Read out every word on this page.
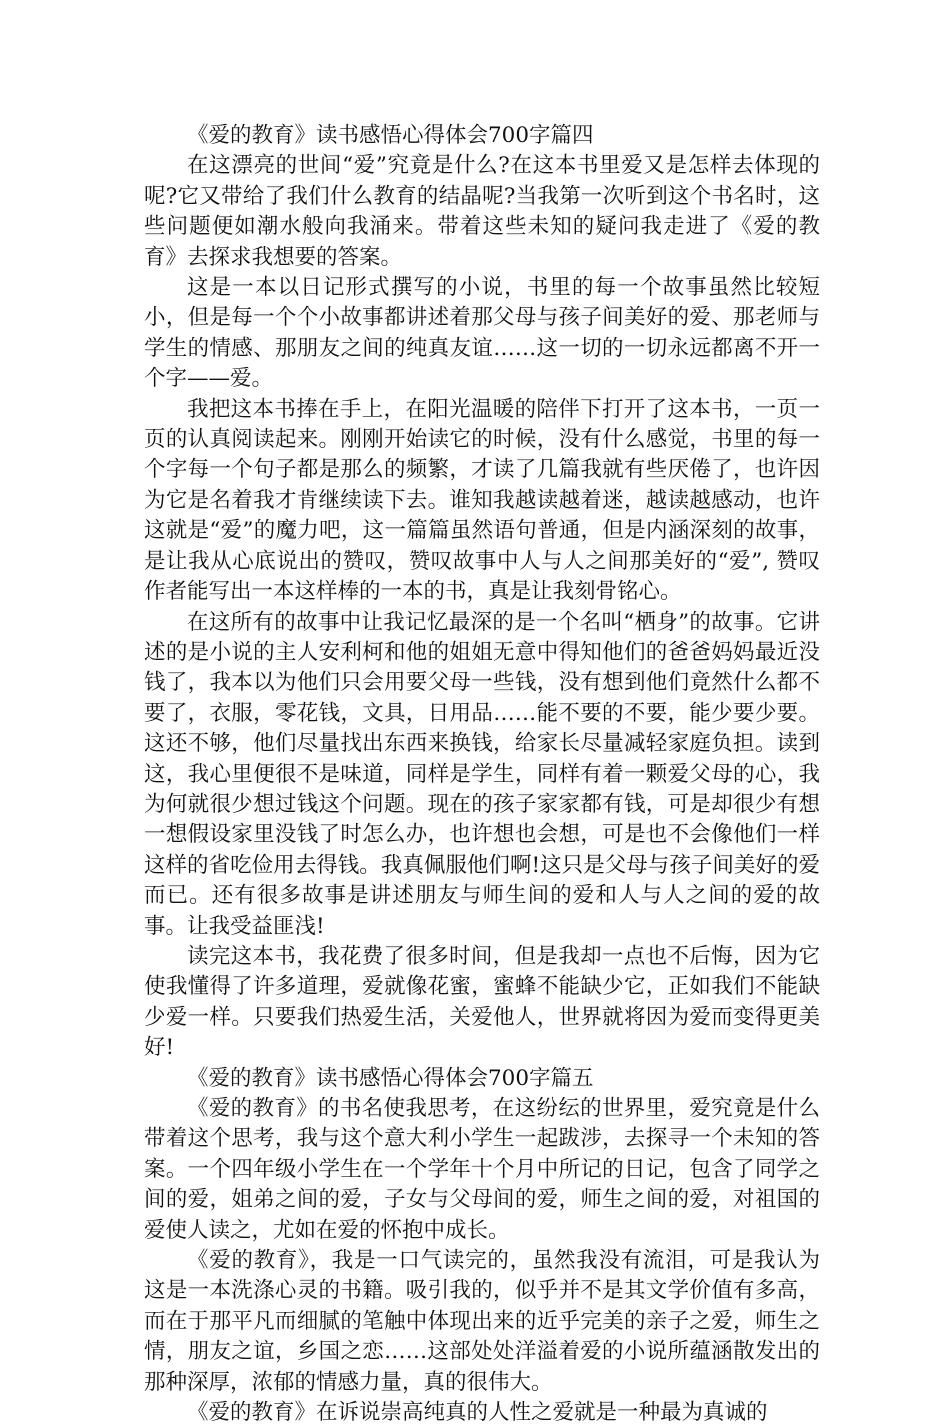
《爱的教育》读书感悟心得体会700字篇四

在这漂亮的世间“爱”究竟是什么?在这本书里爱又是怎样去体现的呢?它又带给了我们什么教育的结晶呢?当我第一次听到这个书名时，这些问题便如潮水般向我涌来。带着这些未知的疑问我走进了《爱的教育》去探求我想要的答案。

这是一本以日记形式撰写的小说，书里的每一个故事虽然比较短小，但是每一个个小故事都讲述着那父母与孩子间美好的爱、那老师与学生的情感、那朋友之间的纯真友谊……这一切的一切永远都离不开一个字——爱。

我把这本书捧在手上，在阳光温暖的陪伴下打开了这本书，一页一页的认真阅读起来。刚刚开始读它的时候，没有什么感觉，书里的每一个字每一个句子都是那么的频繁，才读了几篇我就有些厌倦了，也许因为它是名着我才肯继续读下去。谁知我越读越着迷，越读越感动，也许这就是“爱”的魔力吧，这一篇篇虽然语句普通，但是内涵深刻的故事，是让我从心底说出的赞叹，赞叹故事中人与人之间那美好的“爱”, 赞叹作者能写出一本这样棒的一本的书，真是让我刻骨铭心。

在这所有的故事中让我记忆最深的是一个名叫“栖身”的故事。它讲述的是小说的主人安利柯和他的姐姐无意中得知他们的爸爸妈妈最近没钱了，我本以为他们只会用要父母一些钱，没有想到他们竟然什么都不要了，衣服，零花钱，文具，日用品……能不要的不要，能少要少要。这还不够，他们尽量找出东西来换钱，给家长尽量减轻家庭负担。读到这，我心里便很不是味道，同样是学生，同样有着一颗爱父母的心，我为何就很少想过钱这个问题。现在的孩子家家都有钱，可是却很少有想一想假设家里没钱了时怎么办，也许想也会想，可是也不会像他们一样这样的省吃俭用去得钱。我真佩服他们啊!这只是父母与孩子间美好的爱而已。还有很多故事是讲述朋友与师生间的爱和人与人之间的爱的故事。让我受益匪浅!

读完这本书，我花费了很多时间，但是我却一点也不后悔，因为它使我懂得了许多道理，爱就像花蜜，蜜蜂不能缺少它，正如我们不能缺少爱一样。只要我们热爱生活，关爱他人，世界就将因为爱而变得更美好!

《爱的教育》读书感悟心得体会700字篇五

《爱的教育》的书名使我思考，在这纷纭的世界里，爱究竟是什么带着这个思考，我与这个意大利小学生一起跋涉，去探寻一个未知的答案。一个四年级小学生在一个学年十个月中所记的日记，包含了同学之间的爱，姐弟之间的爱，子女与父母间的爱，师生之间的爱，对祖国的爱使人读之，尤如在爱的怀抱中成长。

《爱的教育》，我是一口气读完的，虽然我没有流泪，可是我认为这是一本洗涤心灵的书籍。吸引我的，似乎并不是其文学价值有多高，而在于那平凡而细腻的笔触中体现出来的近乎完美的亲子之爱，师生之情，朋友之谊，乡国之恋……这部处处洋溢着爱的小说所蕴涵散发出的那种深厚，浓郁的情感力量，真的很伟大。

《爱的教育》在诉说崇高纯真的人性之爱就是一种最为真诚的
